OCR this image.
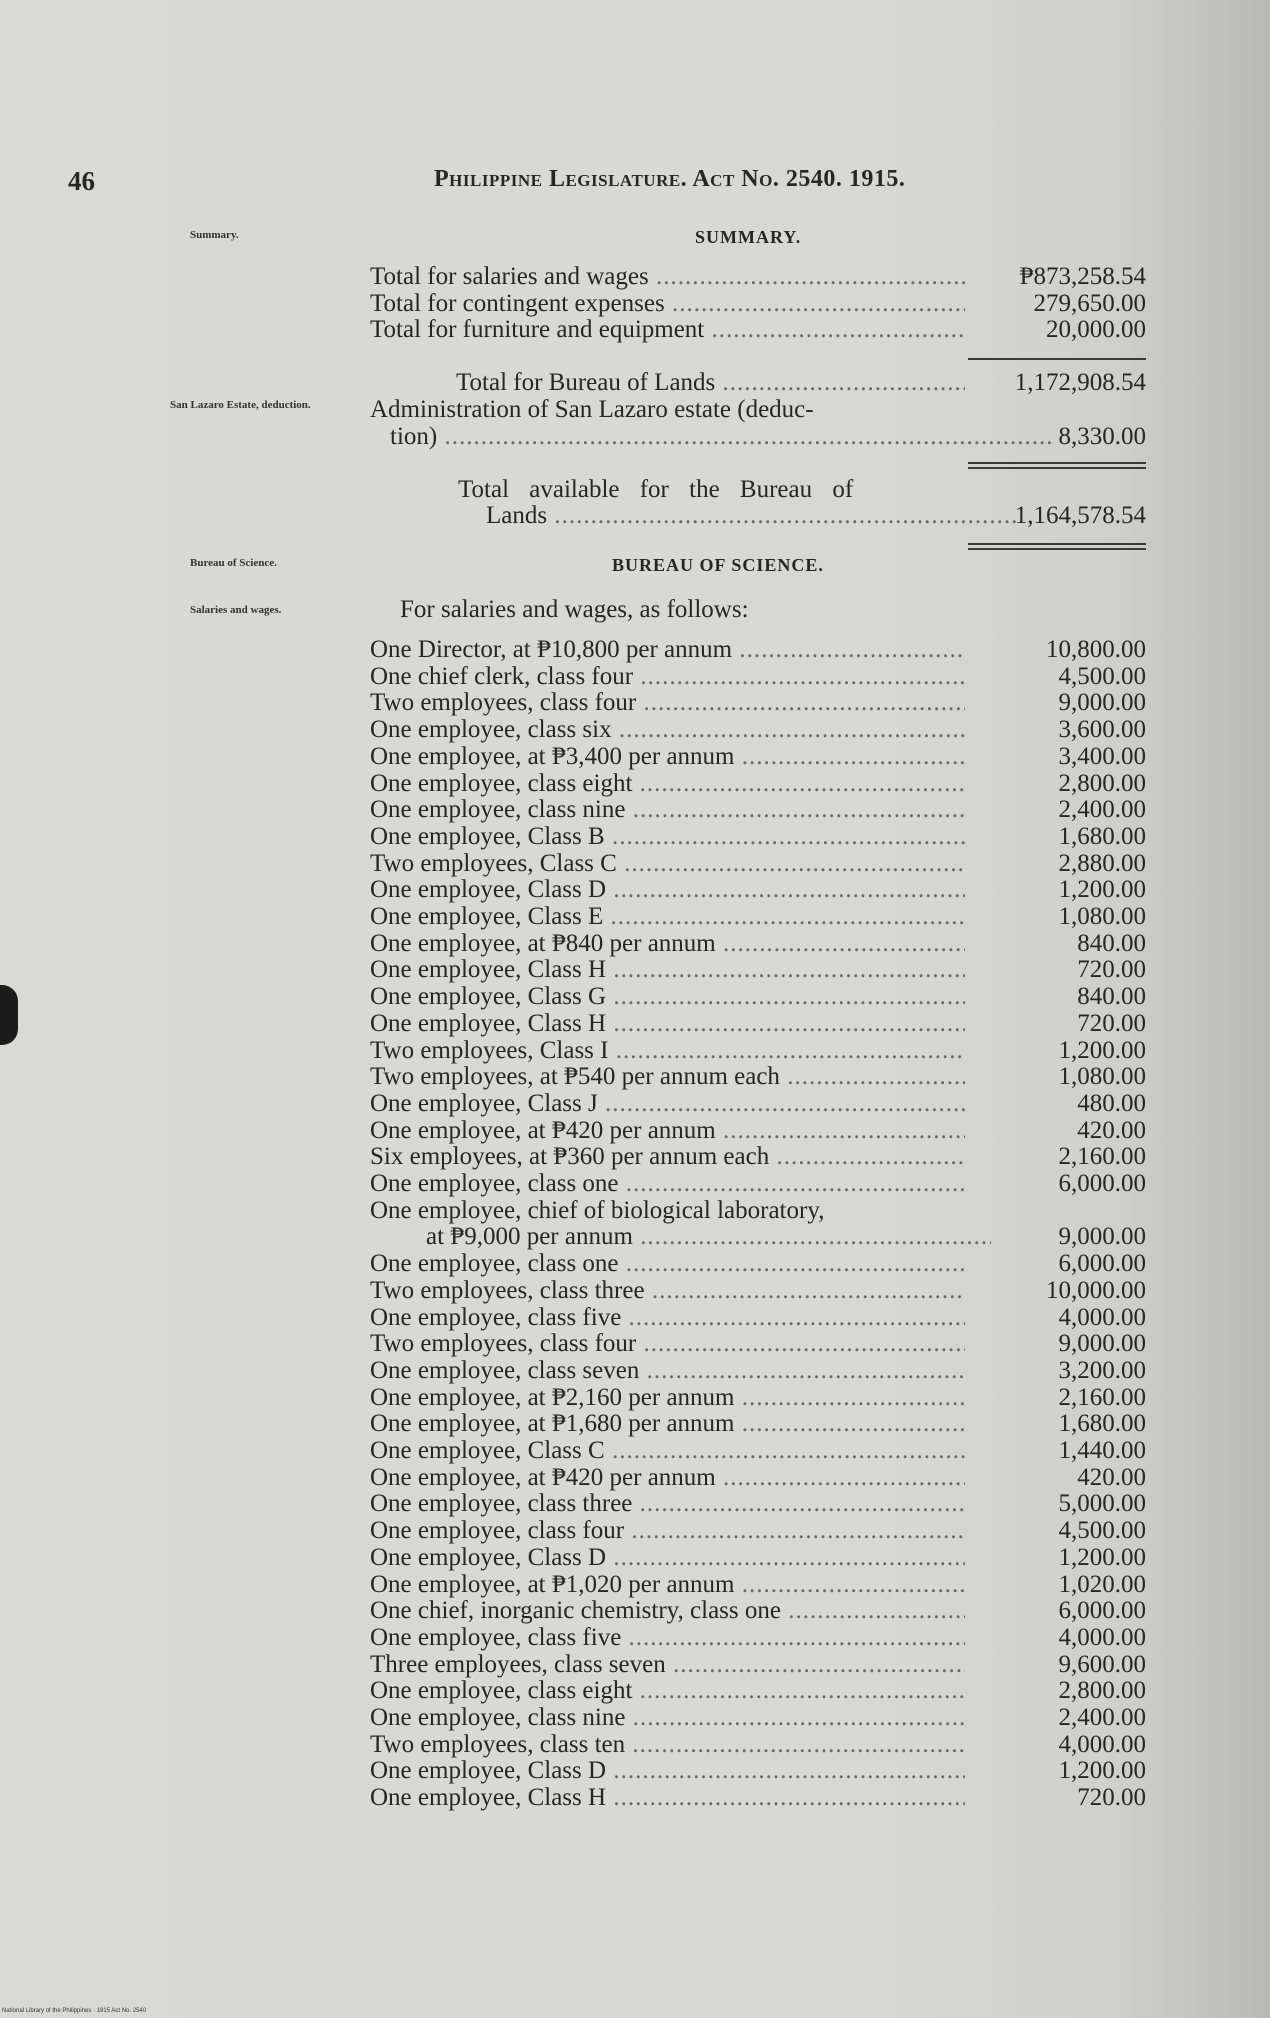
46	Philippine Legislature. Act No. 2540. 1915.
Summary.	SUMMARY.
Total for salaries and wages .....	₱873,258.54
Total for contingent expenses .....	279,650.00
Total for furniture and equipment .....	20,000.00
Total for Bureau of Lands .....	1,172,908.54
San Lazaro Estate, deduction. Administration of San Lazaro estate (deduc-
tion) .....	8,330.00
Total available for the Bureau of
Lands .....	1,164,578.54
Bureau of Science.	BUREAU OF SCIENCE.
Salaries and wages.	For salaries and wages, as follows:
One Director, at ₱10,800 per annum .....	10,800.00
One chief clerk, class four .....	4,500.00
Two employees, class four .....	9,000.00
One employee, class six .....	3,600.00
One employee, at ₱3,400 per annum .....	3,400.00
One employee, class eight .....	2,800.00
One employee, class nine .....	2,400.00
One employee, Class B .....	1,680.00
Two employees, Class C .....	2,880.00
One employee, Class D .....	1,200.00
One employee, Class E .....	1,080.00
One employee, at ₱840 per annum .....	840.00
One employee, Class H .....	720.00
One employee, Class G .....	840.00
One employee, Class H .....	720.00
Two employees, Class I .....	1,200.00
Two employees, at ₱540 per annum each .....	1,080.00
One employee, Class J .....	480.00
One employee, at ₱420 per annum .....	420.00
Six employees, at ₱360 per annum each .....	2,160.00
One employee, class one .....	6,000.00
One employee, chief of biological laboratory,
at ₱9,000 per annum .....	9,000.00
One employee, class one .....	6,000.00
Two employees, class three .....	10,000.00
One employee, class five .....	4,000.00
Two employees, class four .....	9,000.00
One employee, class seven .....	3,200.00
One employee, at ₱2,160 per annum .....	2,160.00
One employee, at ₱1,680 per annum .....	1,680.00
One employee, Class C .....	1,440.00
One employee, at ₱420 per annum .....	420.00
One employee, class three .....	5,000.00
One employee, class four .....	4,500.00
One employee, Class D .....	1,200.00
One employee, at ₱1,020 per annum .....	1,020.00
One chief, inorganic chemistry, class one .....	6,000.00
One employee, class five .....	4,000.00
Three employees, class seven .....	9,600.00
One employee, class eight .....	2,800.00
One employee, class nine .....	2,400.00
Two employees, class ten .....	4,000.00
One employee, Class D .....	1,200.00
One employee, Class H .....	720.00
National Library of the Philippines · 1915 Act No. 2540
